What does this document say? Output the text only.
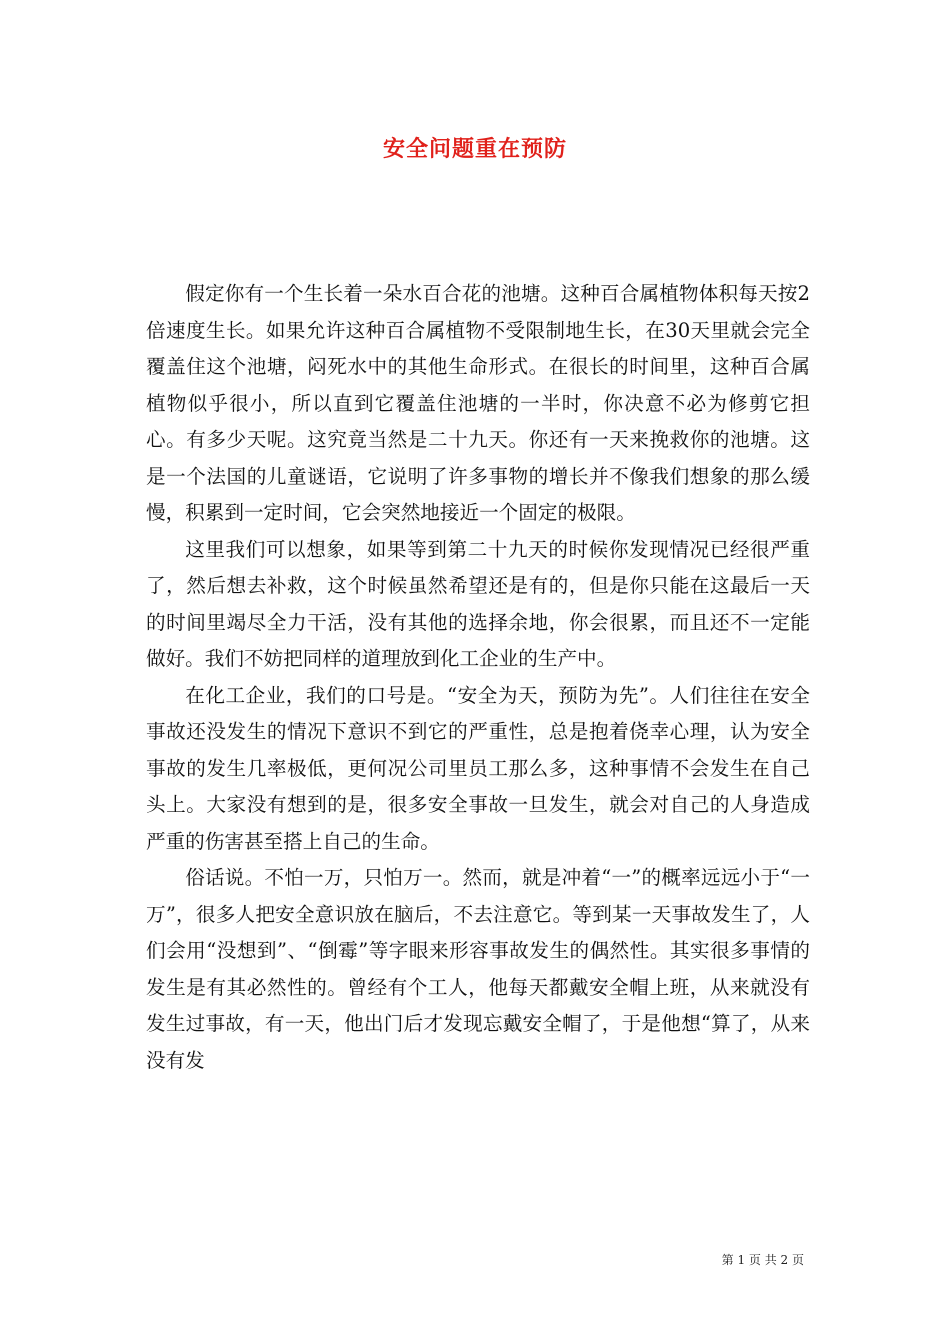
安全问题重在预防

假定你有一个生长着一朵水百合花的池塘。这种百合属植物体积每天按2倍速度生长。如果允许这种百合属植物不受限制地生长，在30天里就会完全覆盖住这个池塘，闷死水中的其他生命形式。在很长的时间里，这种百合属植物似乎很小，所以直到它覆盖住池塘的一半时，你决意不必为修剪它担心。有多少天呢。这究竟当然是二十九天。你还有一天来挽救你的池塘。这是一个法国的儿童谜语，它说明了许多事物的增长并不像我们想象的那么缓慢，积累到一定时间，它会突然地接近一个固定的极限。

这里我们可以想象，如果等到第二十九天的时候你发现情况已经很严重了，然后想去补救，这个时候虽然希望还是有的，但是你只能在这最后一天的时间里竭尽全力干活，没有其他的选择余地，你会很累，而且还不一定能做好。我们不妨把同样的道理放到化工企业的生产中。

在化工企业，我们的口号是。“安全为天，预防为先”。人们往往在安全事故还没发生的情况下意识不到它的严重性，总是抱着侥幸心理，认为安全事故的发生几率极低，更何况公司里员工那么多，这种事情不会发生在自己头上。大家没有想到的是，很多安全事故一旦发生，就会对自己的人身造成严重的伤害甚至搭上自己的生命。

俗话说。不怕一万，只怕万一。然而，就是冲着“一”的概率远远小于“一万”，很多人把安全意识放在脑后，不去注意它。等到某一天事故发生了，人们会用“没想到”、“倒霉”等字眼来形容事故发生的偶然性。其实很多事情的发生是有其必然性的。曾经有个工人，他每天都戴安全帽上班，从来就没有发生过事故，有一天，他出门后才发现忘戴安全帽了，于是他想“算了，从来没有发

第 1 页 共 2 页
